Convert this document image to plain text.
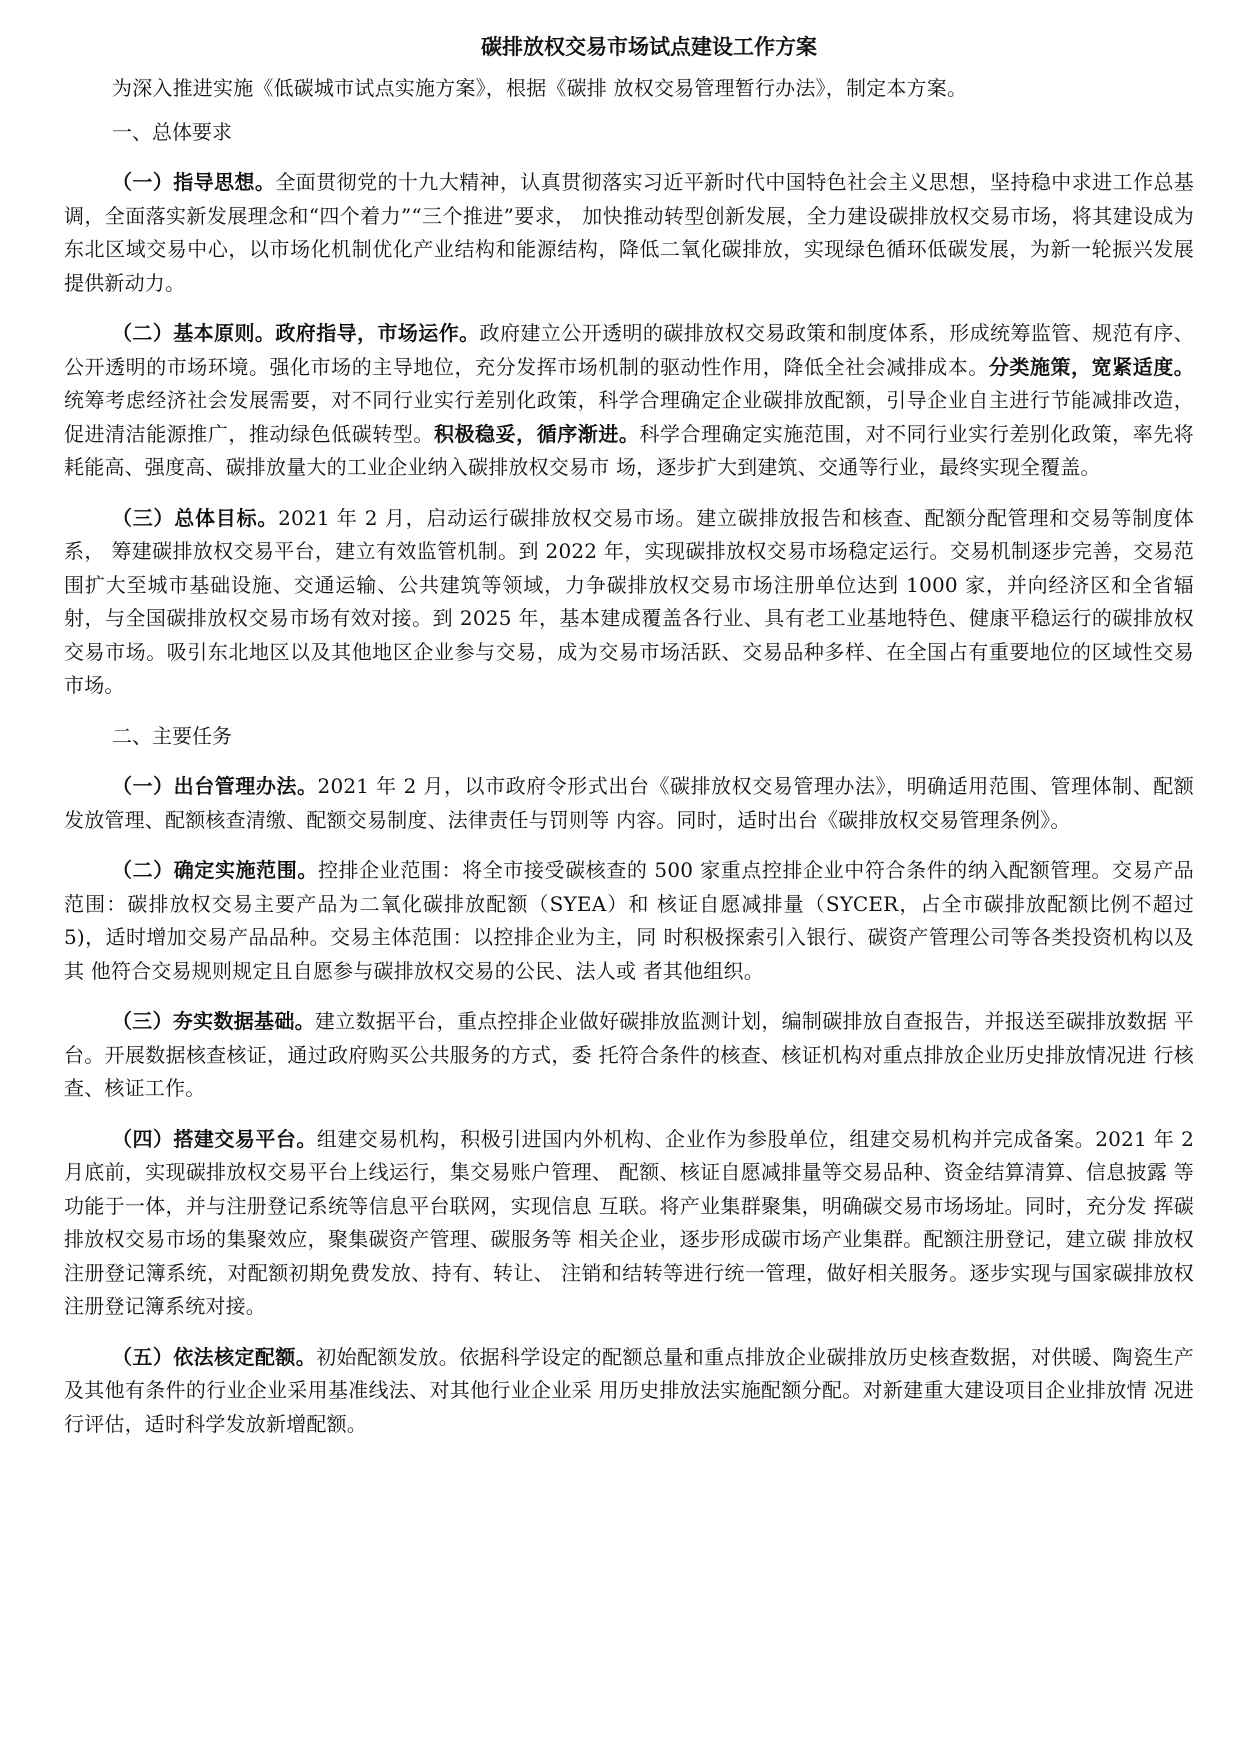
碳排放权交易市场试点建设工作方案

为深入推进实施《低碳城市试点实施方案》，根据《碳排 放权交易管理暂行办法》，制定本方案。

一、总体要求

（一）指导思想。全面贯彻党的十九大精神，认真贯彻落实习近平新时代中国特色社会主义思想，坚持稳中求进工作总基调，全面落实新发展理念和“四个着力”“三个推进”要求， 加快推动转型创新发展，全力建设碳排放权交易市场，将其建设成为东北区域交易中心，以市场化机制优化产业结构和能源结构，降低二氧化碳排放，实现绿色循环低碳发展，为新一轮振兴发展提供新动力。

（二）基本原则。政府指导，市场运作。政府建立公开透明的碳排放权交易政策和制度体系，形成统筹监管、规范有序、公开透明的市场环境。强化市场的主导地位，充分发挥市场机制的驱动性作用，降低全社会减排成本。分类施策，宽紧适度。统筹考虑经济社会发展需要，对不同行业实行差别化政策，科学合理确定企业碳排放配额，引导企业自主进行节能减排改造， 促进清洁能源推广，推动绿色低碳转型。积极稳妥，循序渐进。科学合理确定实施范围，对不同行业实行差别化政策，率先将 耗能高、强度高、碳排放量大的工业企业纳入碳排放权交易市 场，逐步扩大到建筑、交通等行业，最终实现全覆盖。

（三）总体目标。2021 年 2 月，启动运行碳排放权交易市场。建立碳排放报告和核查、配额分配管理和交易等制度体系， 筹建碳排放权交易平台，建立有效监管机制。到 2022 年，实现碳排放权交易市场稳定运行。交易机制逐步完善，交易范围扩大至城市基础设施、交通运输、公共建筑等领域，力争碳排放权交易市场注册单位达到 1000 家，并向经济区和全省辐射，与全国碳排放权交易市场有效对接。到 2025 年，基本建成覆盖各行业、具有老工业基地特色、健康平稳运行的碳排放权交易市场。吸引东北地区以及其他地区企业参与交易，成为交易市场活跃、交易品种多样、在全国占有重要地位的区域性交易市场。

二、主要任务

（一）出台管理办法。2021 年 2 月，以市政府令形式出台《碳排放权交易管理办法》，明确适用范围、管理体制、配额 发放管理、配额核查清缴、配额交易制度、法律责任与罚则等 内容。同时，适时出台《碳排放权交易管理条例》。

（二）确定实施范围。控排企业范围：将全市接受碳核查的 500 家重点控排企业中符合条件的纳入配额管理。交易产品范围：碳排放权交易主要产品为二氧化碳排放配额（SYEA）和 核证自愿减排量（SYCER，占全市碳排放配额比例不超过 5)，适时增加交易产品品种。交易主体范围：以控排企业为主，同 时积极探索引入银行、碳资产管理公司等各类投资机构以及其 他符合交易规则规定且自愿参与碳排放权交易的公民、法人或 者其他组织。

（三）夯实数据基础。建立数据平台，重点控排企业做好碳排放监测计划，编制碳排放自查报告，并报送至碳排放数据 平台。开展数据核查核证，通过政府购买公共服务的方式，委 托符合条件的核查、核证机构对重点排放企业历史排放情况进 行核查、核证工作。

（四）搭建交易平台。组建交易机构，积极引进国内外机构、企业作为参股单位，组建交易机构并完成备案。2021 年 2 月底前，实现碳排放权交易平台上线运行，集交易账户管理、 配额、核证自愿减排量等交易品种、资金结算清算、信息披露 等功能于一体，并与注册登记系统等信息平台联网，实现信息 互联。将产业集群聚集，明确碳交易市场场址。同时，充分发 挥碳排放权交易市场的集聚效应，聚集碳资产管理、碳服务等 相关企业，逐步形成碳市场产业集群。配额注册登记，建立碳 排放权注册登记簿系统，对配额初期免费发放、持有、转让、 注销和结转等进行统一管理，做好相关服务。逐步实现与国家碳排放权注册登记簿系统对接。

（五）依法核定配额。初始配额发放。依据科学设定的配额总量和重点排放企业碳排放历史核查数据，对供暖、陶瓷生产及其他有条件的行业企业采用基准线法、对其他行业企业采 用历史排放法实施配额分配。对新建重大建设项目企业排放情 况进行评估，适时科学发放新增配额。
